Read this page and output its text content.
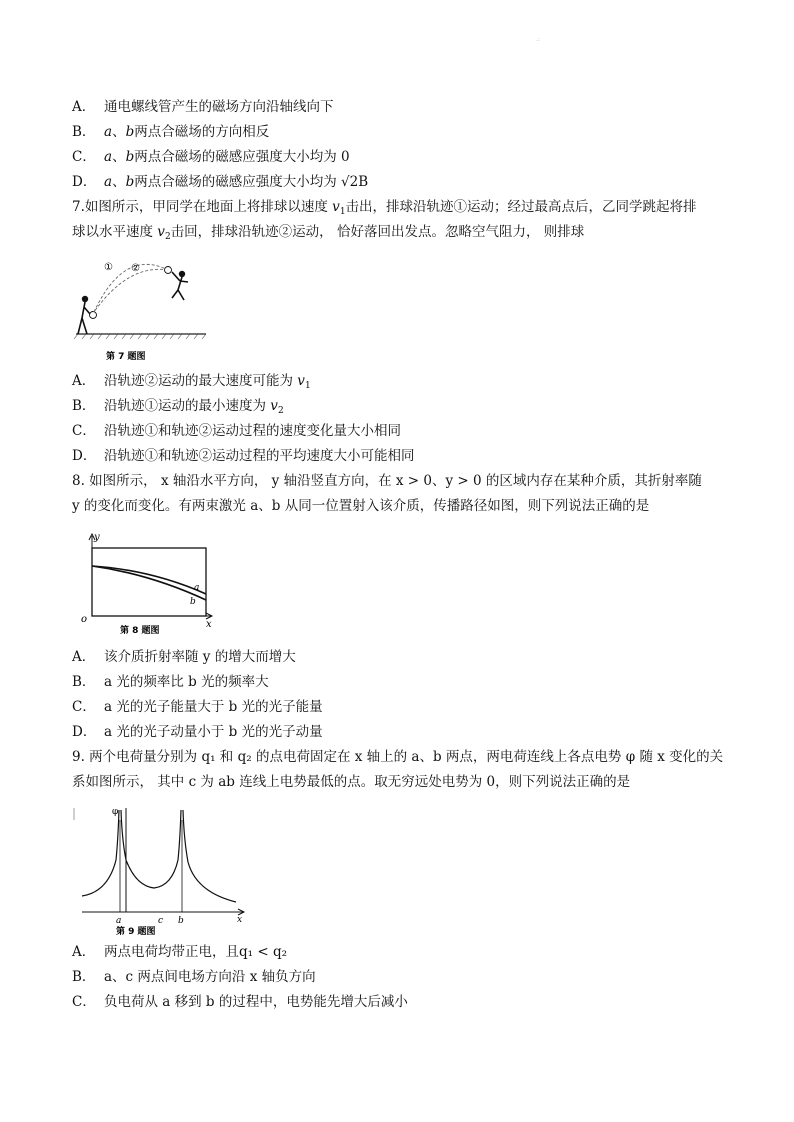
.:
A． 通电螺线管产生的磁场方向沿轴线向下
B． a、b两点合磁场的方向相反
C． a、b两点合磁场的磁感应强度大小均为 0
D． a、b两点合磁场的磁感应强度大小均为 √2B
7.如图所示，甲同学在地面上将排球以速度 $v_1$击出，排球沿轨迹①运动；经过最高点后，乙同学跳起将排
球以水平速度 $v_2$击回，排球沿轨迹②运动， 恰好落回出发点。忽略空气阻力， 则排球
① ②
第 7 题图
A． 沿轨迹②运动的最大速度可能为 $v_1$
B． 沿轨迹①运动的最小速度为 $v_2$
C． 沿轨迹①和轨迹②运动过程的速度变化量大小相同
D． 沿轨迹①和轨迹②运动过程的平均速度大小可能相同
8. 如图所示， x 轴沿水平方向， y 轴沿竖直方向，在 x > 0、y > 0 的区域内存在某种介质，其折射率随
y 的变化而变化。有两束激光 a、b 从同一位置射入该介质，传播路径如图，则下列说法正确的是
y
x
o
a
b
第 8 题图
A． 该介质折射率随 y 的增大而增大
B． a 光的频率比 b 光的频率大
C． a 光的光子能量大于 b 光的光子能量
D． a 光的光子动量小于 b 光的光子动量
9. 两个电荷量分别为 q₁ 和 q₂ 的点电荷固定在 x 轴上的 a、b 两点，两电荷连线上各点电势 φ 随 x 变化的关
系如图所示， 其中 c 为 ab 连线上电势最低的点。取无穷远处电势为 0，则下列说法正确的是
φ
x
a	c b
第 9 题图
A． 两点电荷均带正电，且q₁ < q₂
B． a、c 两点间电场方向沿 x 轴负方向
C． 负电荷从 a 移到 b 的过程中，电势能先增大后减小
